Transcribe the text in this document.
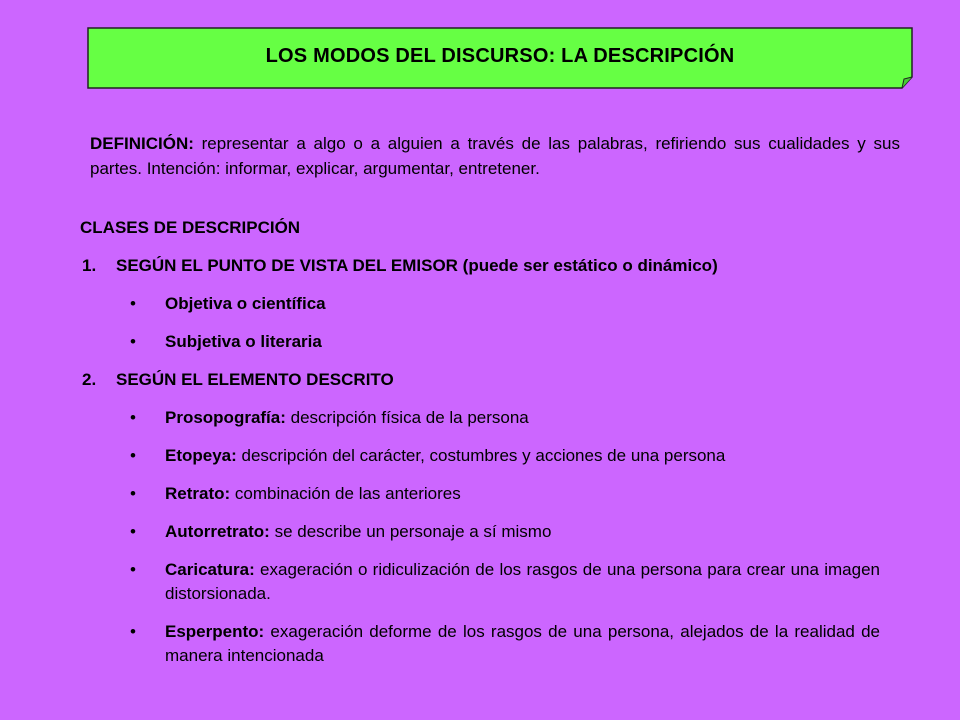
LOS MODOS DEL DISCURSO: LA DESCRIPCIÓN
DEFINICIÓN: representar a algo o a alguien a través de las palabras, refiriendo sus cualidades y sus partes. Intención: informar, explicar, argumentar, entretener.
CLASES DE DESCRIPCIÓN
1. SEGÚN EL PUNTO DE VISTA DEL EMISOR (puede ser estático o dinámico)
• Objetiva o científica
• Subjetiva o literaria
2. SEGÚN EL ELEMENTO DESCRITO
• Prosopografía: descripción física de la persona
• Etopeya: descripción del carácter, costumbres y acciones de una persona
• Retrato: combinación de las anteriores
• Autorretrato: se describe un personaje a sí mismo
• Caricatura: exageración o ridiculización de los rasgos de una persona para crear una imagen distorsionada.
• Esperpento: exageración deforme de los rasgos de una persona, alejados de la realidad de manera intencionada
